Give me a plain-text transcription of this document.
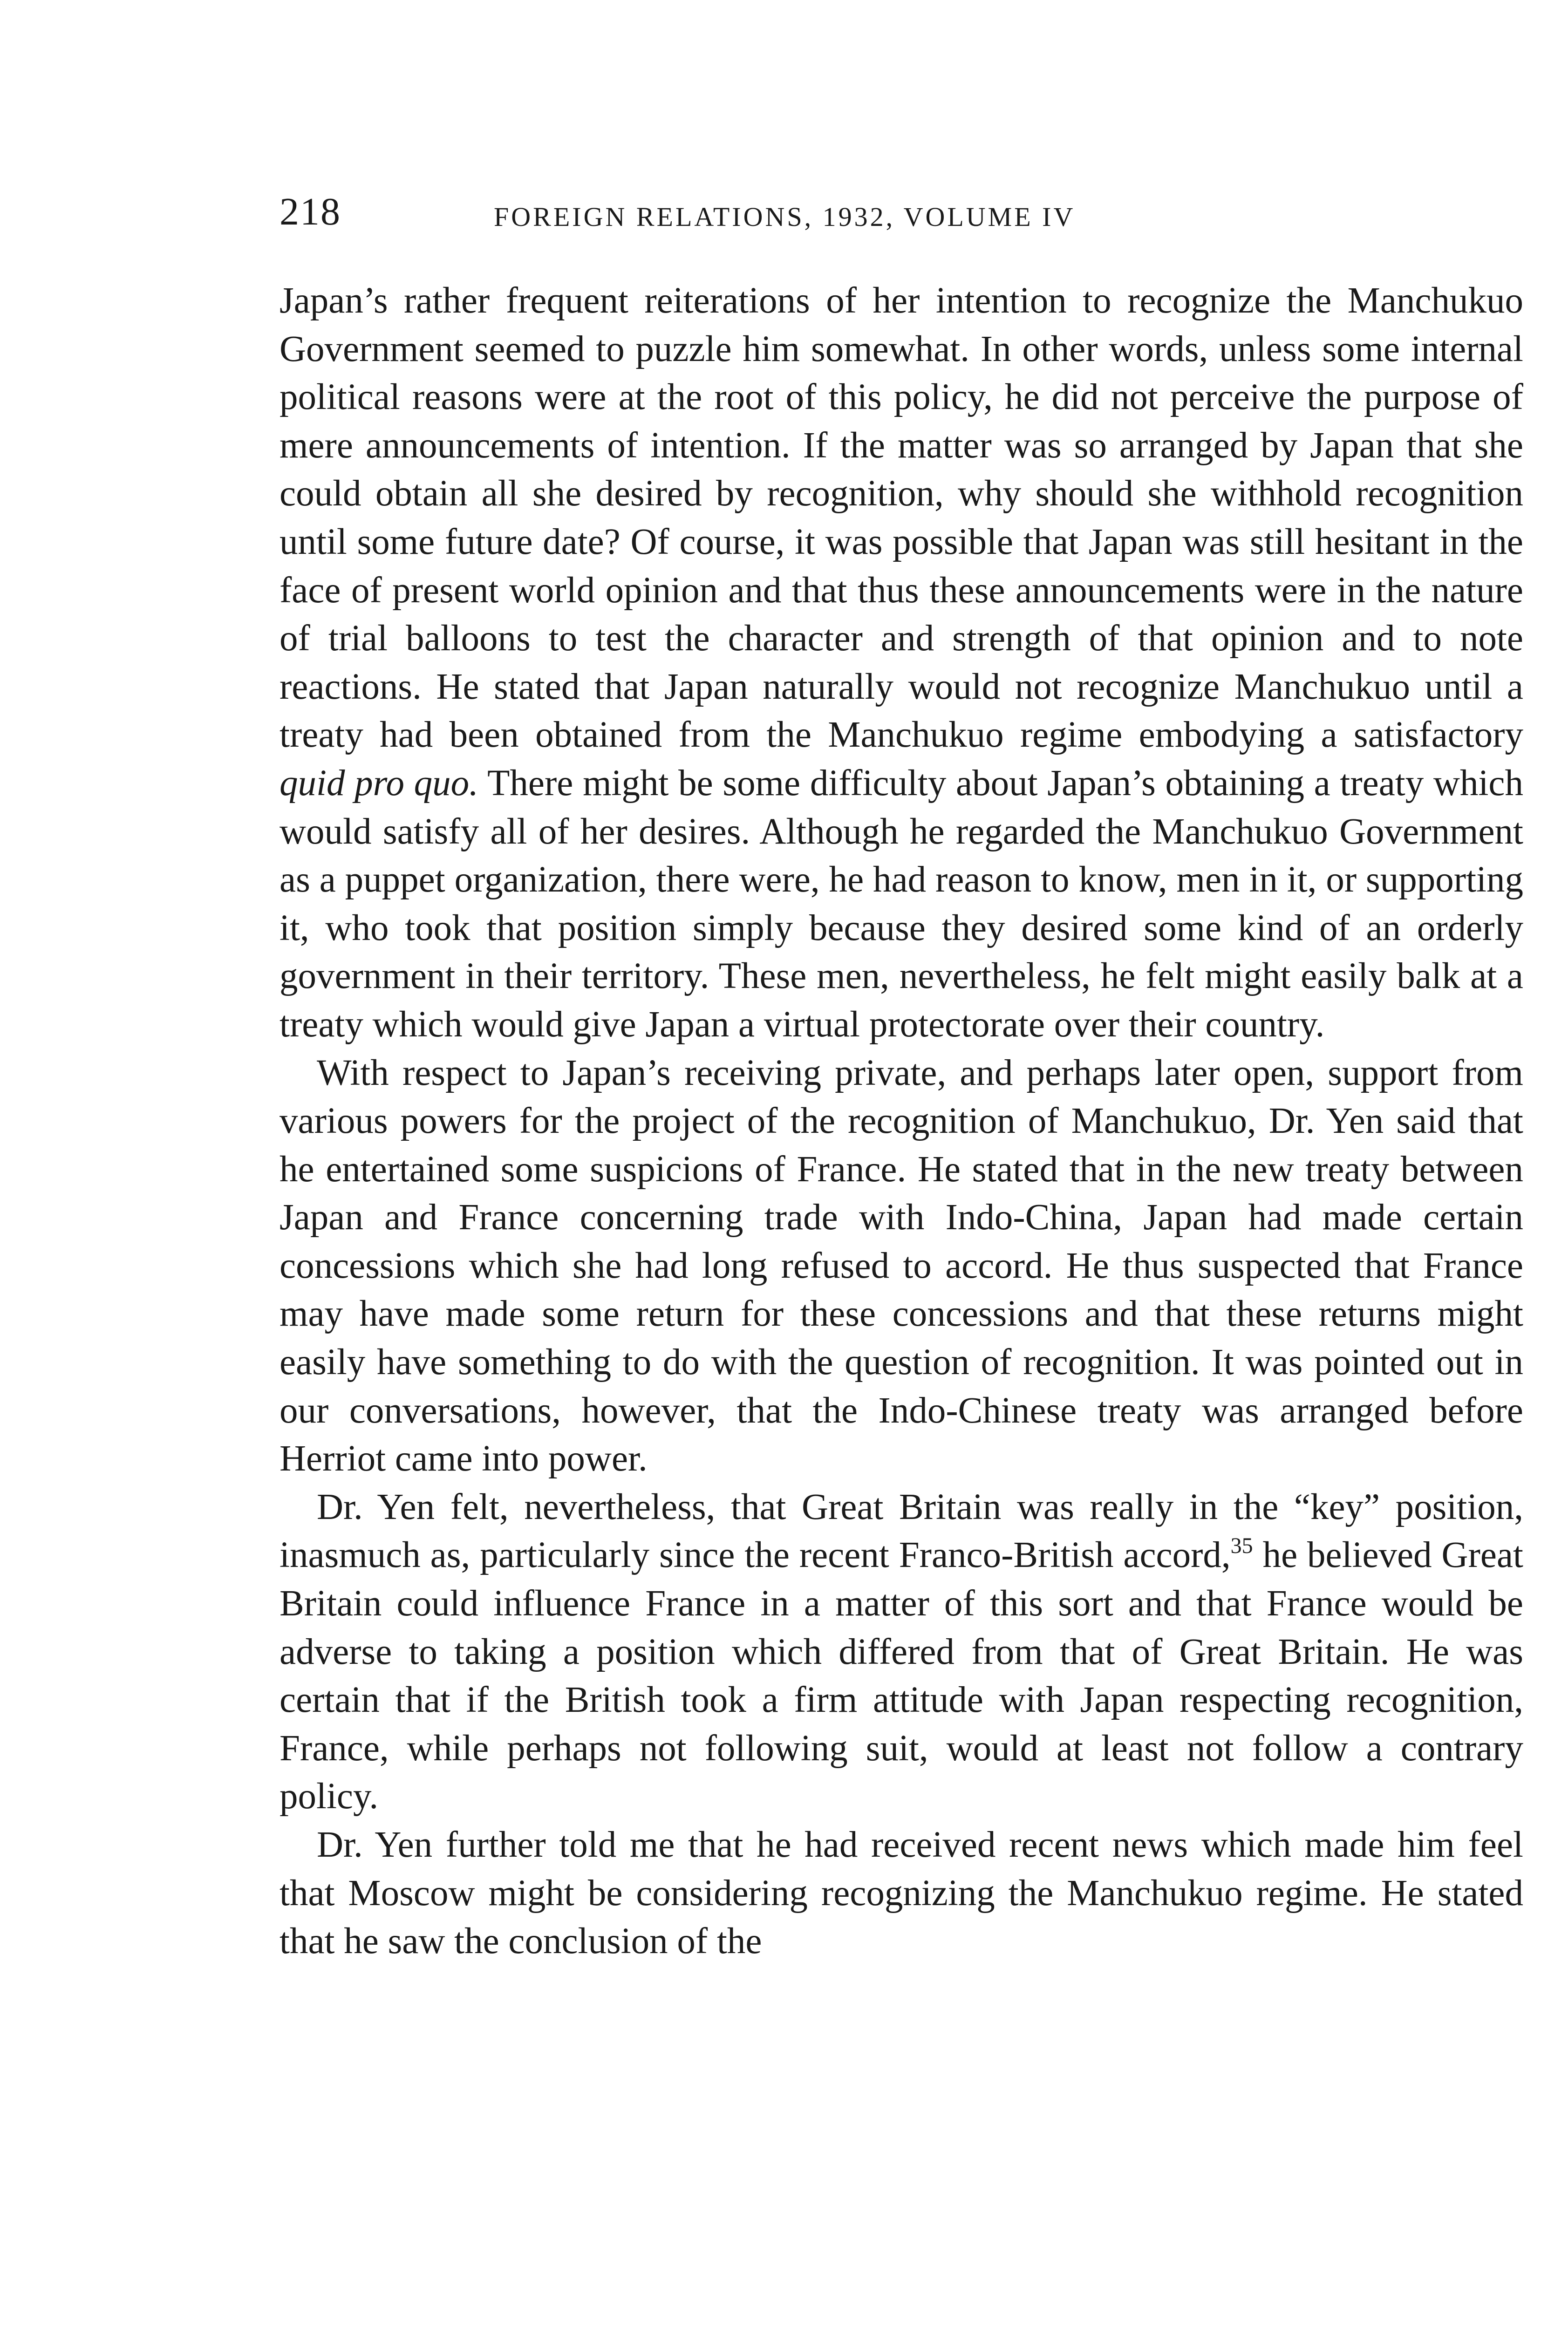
218	FOREIGN RELATIONS, 1932, VOLUME IV

Japan’s rather frequent reiterations of her intention to recognize the Manchukuo Government seemed to puzzle him somewhat. In other words, unless some internal political reasons were at the root of this policy, he did not perceive the purpose of mere announcements of intention. If the matter was so arranged by Japan that she could obtain all she desired by recognition, why should she withhold recognition until some future date? Of course, it was possible that Japan was still hesitant in the face of present world opinion and that thus these announcements were in the nature of trial balloons to test the character and strength of that opinion and to note reactions. He stated that Japan naturally would not recognize Manchukuo until a treaty had been obtained from the Manchukuo regime embodying a satisfactory quid pro quo. There might be some difficulty about Japan’s obtaining a treaty which would satisfy all of her desires. Although he regarded the Manchukuo Government as a puppet organization, there were, he had reason to know, men in it, or supporting it, who took that position simply because they desired some kind of an orderly government in their territory. These men, nevertheless, he felt might easily balk at a treaty which would give Japan a virtual protectorate over their country.

With respect to Japan’s receiving private, and perhaps later open, support from various powers for the project of the recognition of Manchukuo, Dr. Yen said that he entertained some suspicions of France. He stated that in the new treaty between Japan and France concerning trade with Indo-China, Japan had made certain concessions which she had long refused to accord. He thus suspected that France may have made some return for these concessions and that these returns might easily have something to do with the question of recognition. It was pointed out in our conversations, however, that the Indo-Chinese treaty was arranged before Herriot came into power.

Dr. Yen felt, nevertheless, that Great Britain was really in the “key” position, inasmuch as, particularly since the recent Franco-British accord,$^{35}$ he believed Great Britain could influence France in a matter of this sort and that France would be adverse to taking a position which differed from that of Great Britain. He was certain that if the British took a firm attitude with Japan respecting recognition, France, while perhaps not following suit, would at least not follow a contrary policy.

Dr. Yen further told me that he had received recent news which made him feel that Moscow might be considering recognizing the Manchukuo regime. He stated that he saw the conclusion of the
